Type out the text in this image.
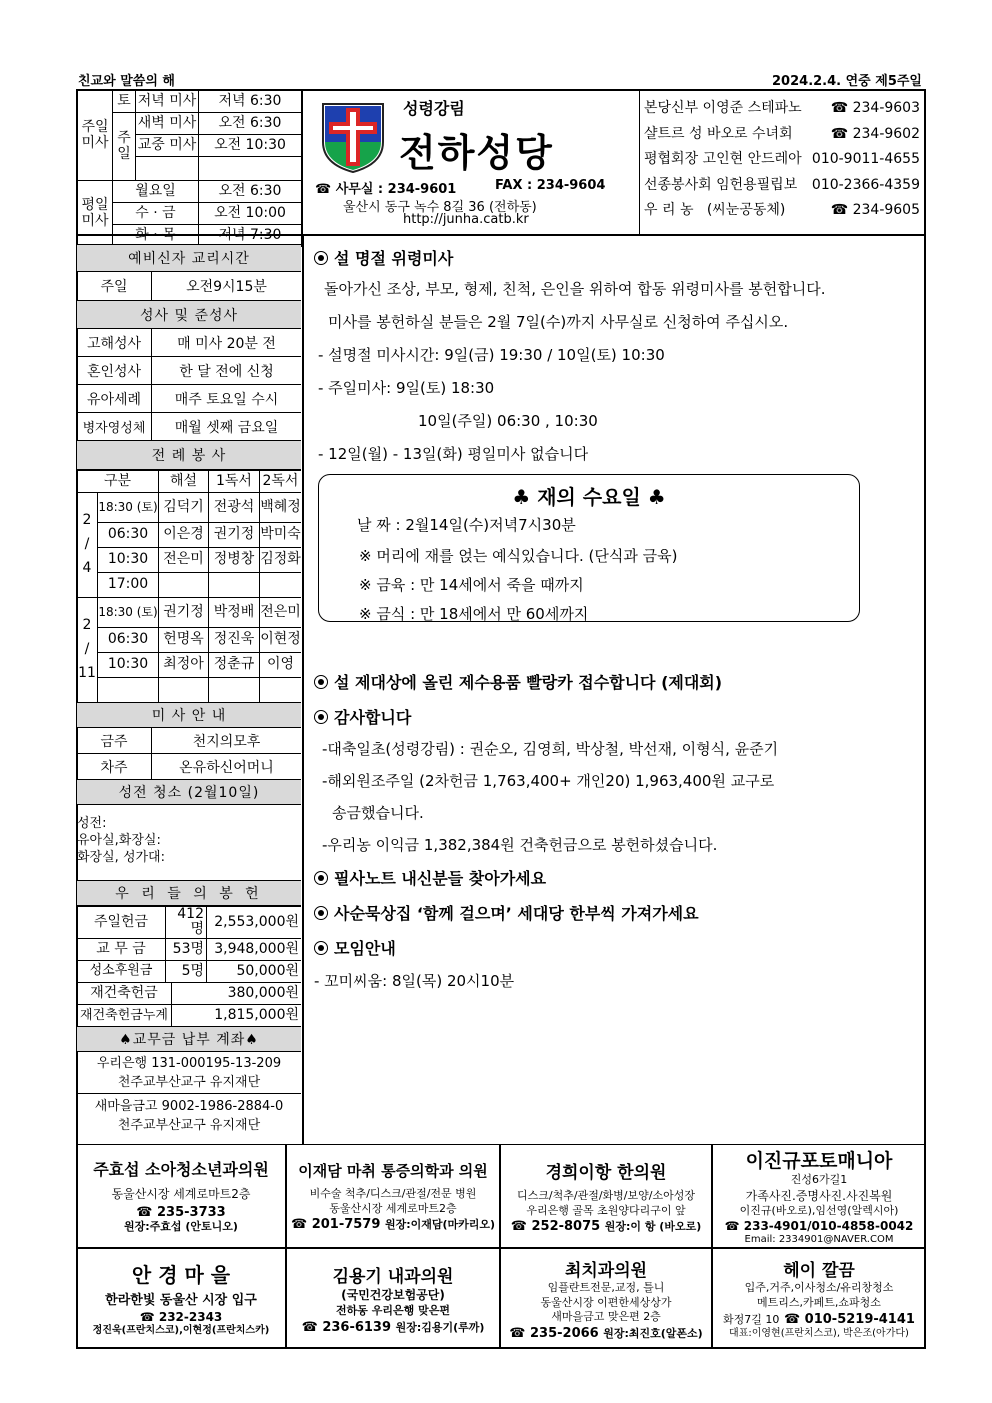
친교와 말씀의 해	2024.2.4. 연중 제5주일
주일미사	토	저녁 미사	저녁 6:30
	주일	새벽 미사	오전 6:30
		교중 미사	오전 10:30

평일미사	월요일		오전 6:30
	수 · 금		오전 10:00
	화 · 목		저녁 7:30
성령강림
전하성당
☎ 사무실 : 234-9601	FAX : 234-9604
울산시 동구 녹수 8길 36 (전하동)
http://junha.catb.kr
본당신부 이영준 스테파노 ☎ 234-9603
샬트르 성 바오로 수녀회	☎ 234-9602
평협회장 고인현 안드레아 010-9011-4655
선종봉사회 임헌용필립보 010-2366-4359
우 리 농   (씨눈공동체)	☎ 234-9605
예비신자 교리시간
주일	오전9시15분
성사 및 준성사
고해성사	매 미사 20분 전
혼인성사	한 달 전에 신청
유아세례	매주 토요일 수시
병자영성체	매월 셋째 금요일
전 례 봉 사
구분		해설	1독서	2독서
2
/
4	18:30 (토)	김덕기	전광석	백혜정
	06:30	이은경	권기정	박미숙
	10:30	전은미	정병창	김정화
	17:00			
2
/
11	18:30 (토)	권기정	박정배	전은미
	06:30	헌명옥	정진욱	이현정
	10:30	최정아	정춘규	이영

미 사 안 내
금주	천지의모후
차주	온유하신어머니
성전 청소 (2월10일)
성전:
유아실,화장실:
화장실, 성가대:
우 리 들 의 봉 헌
주일헌금	412명	2,553,000원
교 무 금	53명	3,948,000원
성소후원금	5명	50,000원
재건축헌금	380,000원
재건축헌금누계	1,815,000원
♠교무금 납부 계좌♠
우리은행 131-000195-13-209
천주교부산교구 유지재단
새마을금고 9002-1986-2884-0
천주교부산교구 유지재단

설 명절 위령미사

돌아가신 조상, 부모, 형제, 친척, 은인을 위하여 합동 위령미사를 봉헌합니다.

미사를 봉헌하실 분들은 2월 7일(수)까지 사무실로 신청하여 주십시오.

- 설명절 미사시간: 9일(금) 19:30 / 10일(토) 10:30

- 주일미사: 9일(토) 18:30

10일(주일) 06:30 , 10:30

- 12일(월) - 13일(화) 평일미사 없습니다

♣ 재의 수요일 ♣
날 짜 : 2월14일(수)저녁7시30분
※ 머리에 재를 얹는 예식있습니다. (단식과 금육)
※ 금육 : 만 14세에서 죽을 때까지
※ 금식 : 만 18세에서 만 60세까지

설 제대상에 올린 제수용품 빨랑카 접수합니다 (제대회)

감사합니다

-대축일초(성령강림) : 권순오, 김영희, 박상철, 박선재, 이형식, 윤준기

-해외원조주일 (2차헌금 1,763,400+ 개인20) 1,963,400원 교구로

송금했습니다.

-우리농 이익금 1,382,384원 건축헌금으로 봉헌하셨습니다.

필사노트 내신분들 찾아가세요

사순묵상집 ‘함께 걸으며’ 세대당 한부씩 가져가세요

모임안내

- 꼬미씨움: 8일(목) 20시10분

주효섭 소아청소년과의원
동울산시장 세계로마트2층
☎ 235-3733
원장:주효섭 (안토니오)
이재담 마취 통증의학과 의원
비수술 척추/디스크/관절/전문 병원
동울산시장 세계로마트2층
☎ 201-7579 원장:이재담(마카리오)
경희이항 한의원
디스크/척추/관절/화병/보양/소아성장
우리은행 골목 초원양다리구이 앞
☎ 252-8075 원장:이 항 (바오로)
이진규포토매니아
진성6가길1
가족사진.증명사진.사진복원
이진규(바오로),임선영(알렉시아)
☎ 233-4901/010-4858-0042
Email: 2334901@NAVER.COM
안 경 마 을
한라한빛 동울산 시장 입구
☎ 232-2343
정진욱(프란치스코),이현정(프란치스카)
김용기 내과의원
(국민건강보험공단)
전하동 우리은행 맞은편
☎ 236-6139 원장:김용기(루까)
최치과의원
임플란트전문,교정, 틀니
동울산시장 이편한세상상가
새마을금고 맞은편 2층
☎ 235-2066 원장:최진호(알폰소)
헤이 깔끔
입주,거주,이사청소/유리창청소
메트리스,카페트,쇼파청소
화정7길 10 ☎ 010-5219-4141
대표:이영현(프란치스코), 박은조(아가다)
